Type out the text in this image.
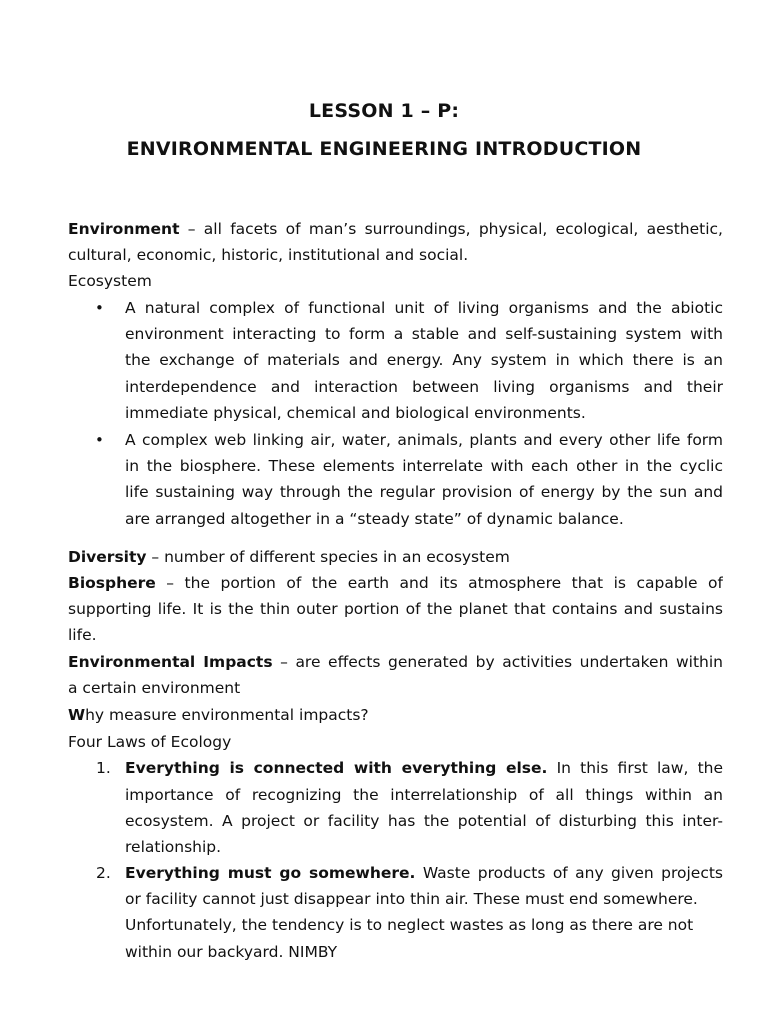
LESSON 1 – P:
ENVIRONMENTAL ENGINEERING INTRODUCTION
Environment – all facets of man’s surroundings, physical, ecological, aesthetic,
cultural, economic, historic, institutional and social.
Ecosystem
• A natural complex of functional unit of living organisms and the abiotic
environment interacting to form a stable and self-sustaining system with
the exchange of materials and energy. Any system in which there is an
interdependence and interaction between living organisms and their
immediate physical, chemical and biological environments.
• A complex web linking air, water, animals, plants and every other life form
in the biosphere. These elements interrelate with each other in the cyclic
life sustaining way through the regular provision of energy by the sun and
are arranged altogether in a “steady state” of dynamic balance.
Diversity – number of different species in an ecosystem
Biosphere – the portion of the earth and its atmosphere that is capable of
supporting life. It is the thin outer portion of the planet that contains and sustains
life.
Environmental Impacts – are effects generated by activities undertaken within
a certain environment
Why measure environmental impacts?
Four Laws of Ecology
1. Everything is connected with everything else. In this first law, the
importance of recognizing the interrelationship of all things within an
ecosystem. A project or facility has the potential of disturbing this inter-
relationship.
2. Everything must go somewhere. Waste products of any given projects
or facility cannot just disappear into thin air. These must end somewhere.
Unfortunately, the tendency is to neglect wastes as long as there are not
within our backyard. NIMBY
